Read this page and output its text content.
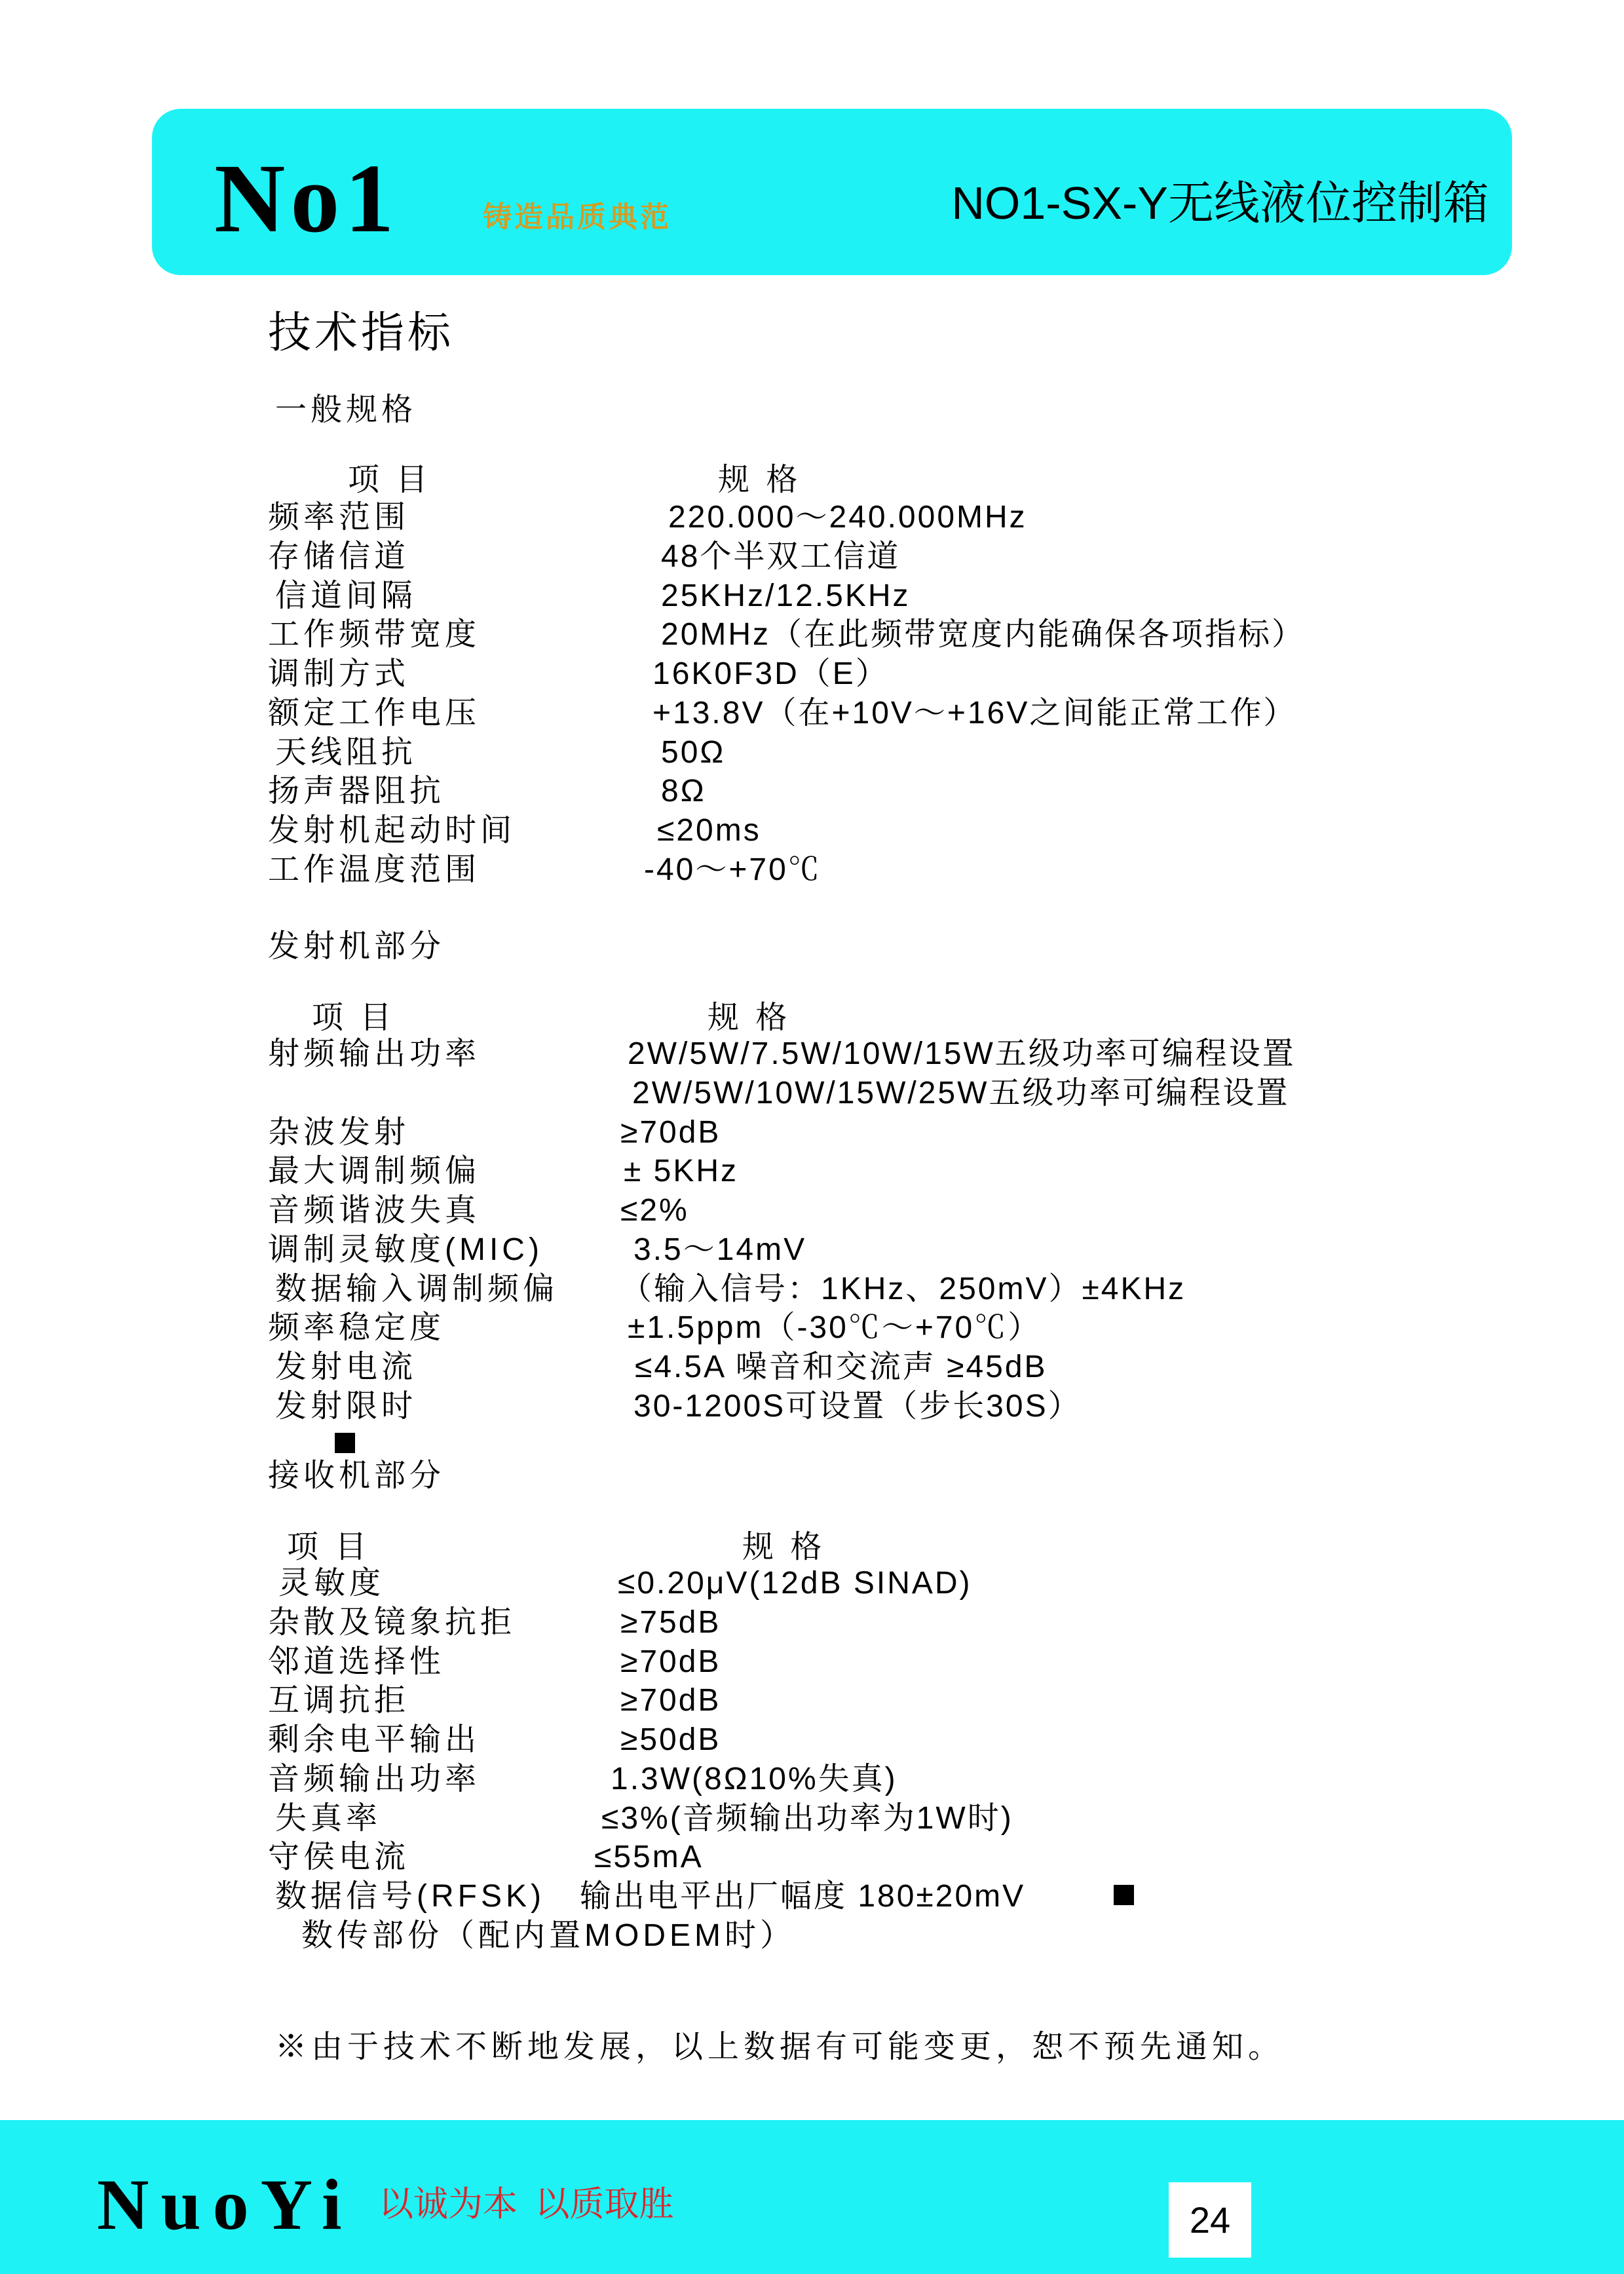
No1	铸造品质典范	NO1-SX-Y无线液位控制箱
技术指标
一般规格
项 目	规 格
频率范围	220.000～240.000MHz
存储信道	48个半双工信道
信道间隔	25KHz/12.5KHz
工作频带宽度	20MHz（在此频带宽度内能确保各项指标）
调制方式	16K0F3D（E）
额定工作电压	+13.8V（在+10V～+16V之间能正常工作）
天线阻抗	50Ω
扬声器阻抗	8Ω
发射机起动时间	≤20ms
工作温度范围	-40～+70℃
发射机部分
项 目	规 格
射频输出功率	2W/5W/7.5W/10W/15W五级功率可编程设置
2W/5W/10W/15W/25W五级功率可编程设置
杂波发射	≥70dB
最大调制频偏	± 5KHz
音频谐波失真	≤2%
调制灵敏度(MIC)	3.5～14mV
数据输入调制频偏 （输入信号：1KHz、250mV）±4KHz
频率稳定度	±1.5ppm（-30℃～+70℃）
发射电流	≤4.5A 噪音和交流声 ≥45dB
发射限时	30-1200S可设置（步长30S）
接收机部分
项 目	规 格
灵敏度	≤0.20μV(12dB SINAD)
杂散及镜象抗拒	≥75dB
邻道选择性	≥70dB
互调抗拒	≥70dB
剩余电平输出	≥50dB
音频输出功率	1.3W(8Ω10%失真)
失真率	≤3%(音频输出功率为1W时)
守侯电流	≤55mA
数据信号(RFSK) 输出电平出厂幅度 180±20mV
数传部份（配内置MODEM时）
※由于技术不断地发展，以上数据有可能变更，恕不预先通知。
NuoYi 以诚为本  以质取胜	24
